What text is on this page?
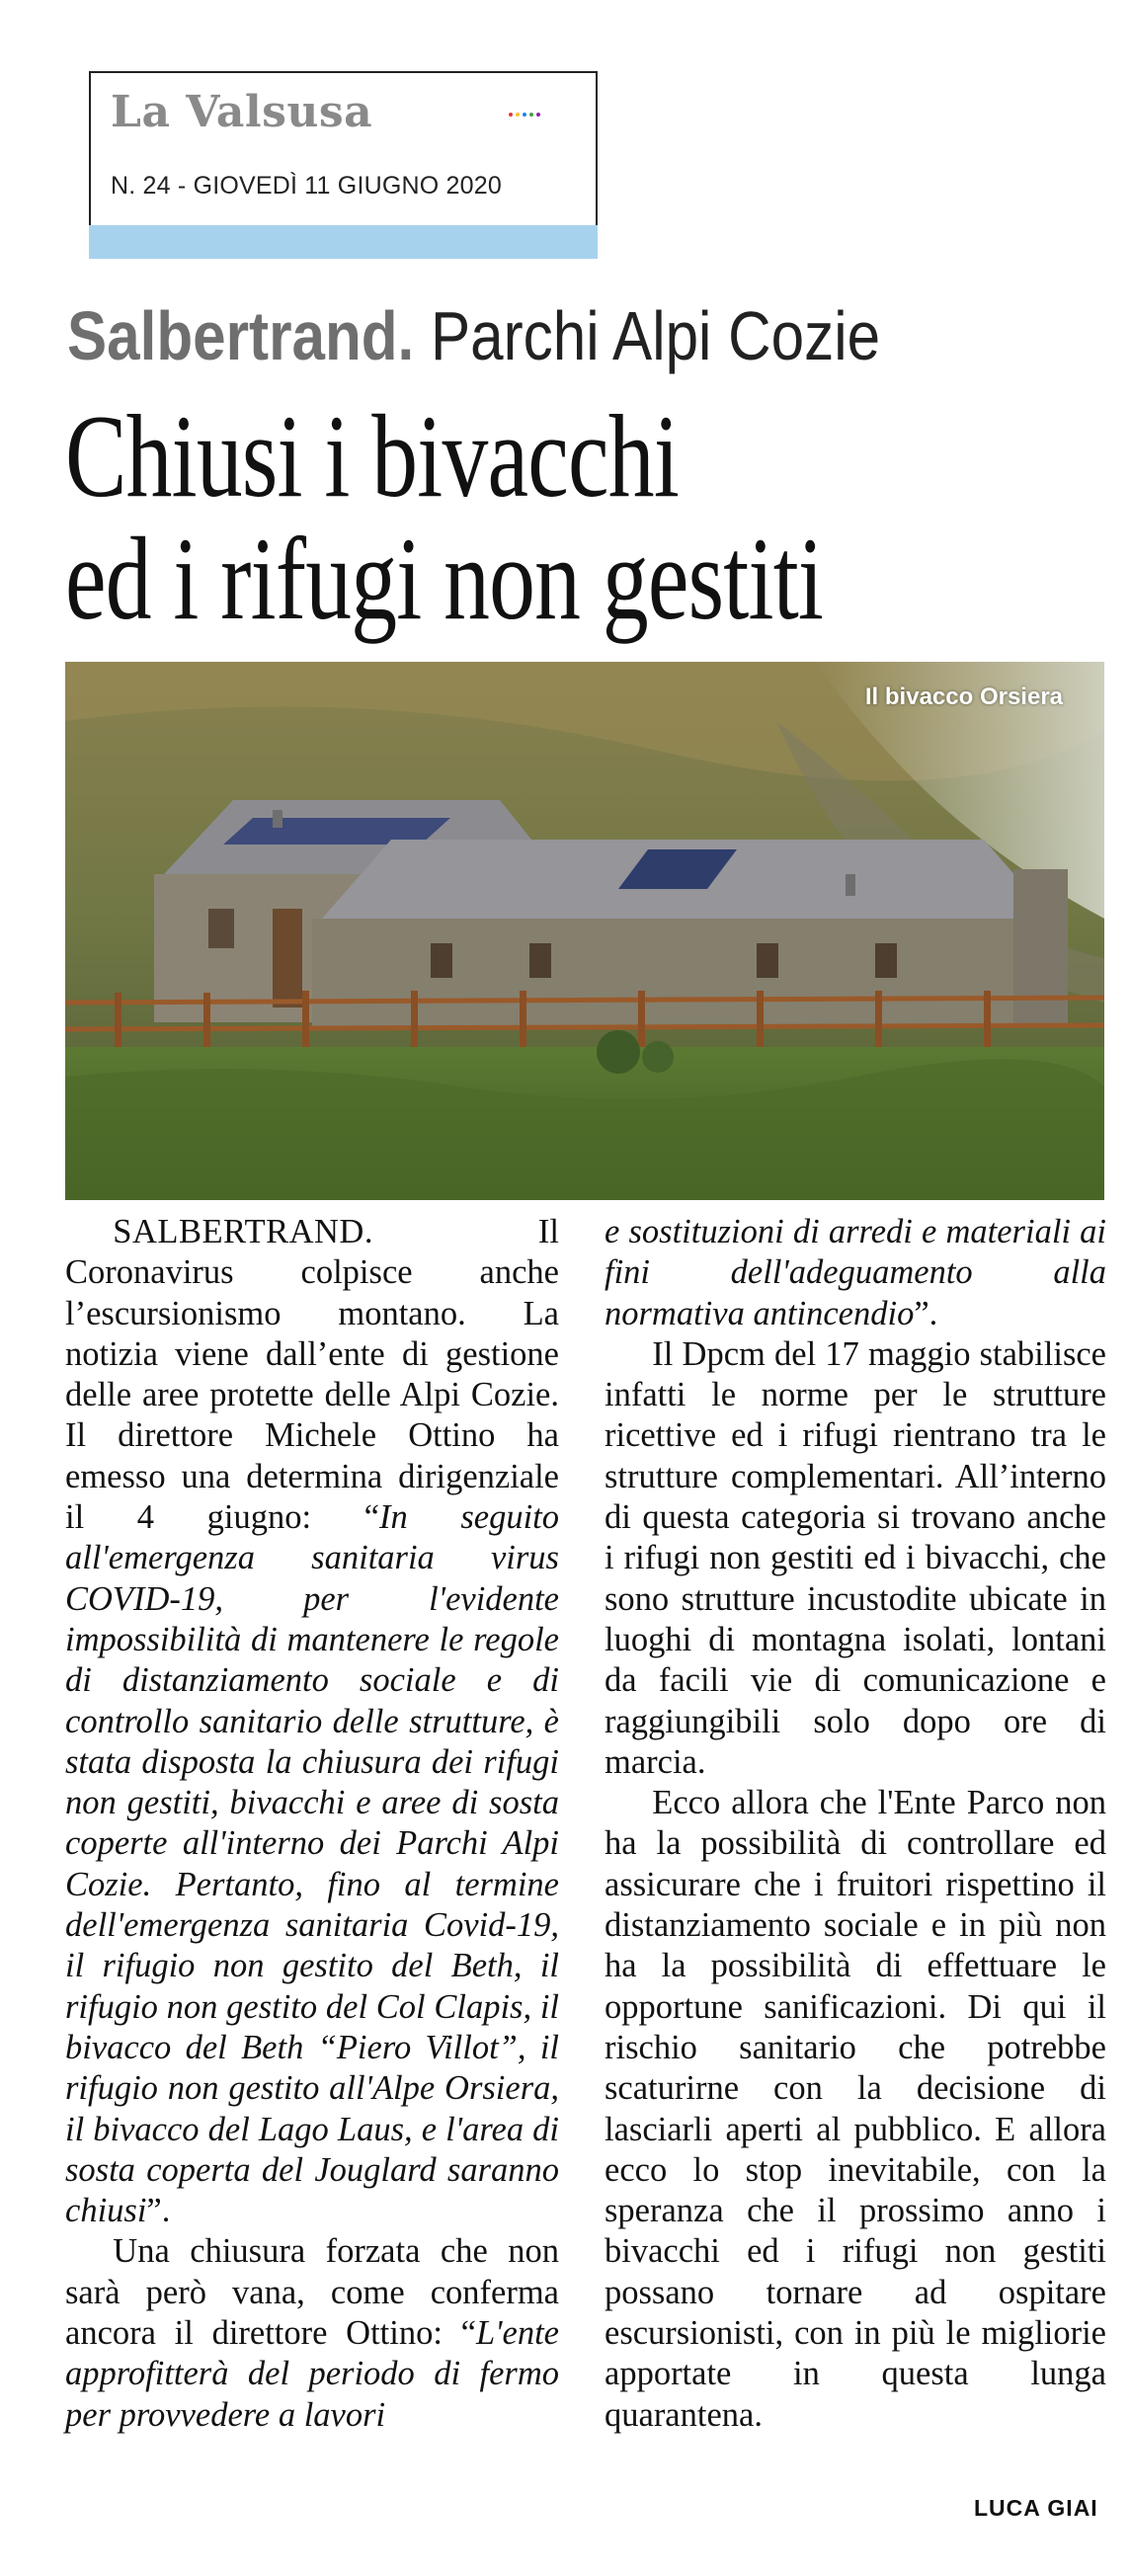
La Valsusa
N. 24 - GIOVEDÌ 11 GIUGNO 2020
Salbertrand. Parchi Alpi Cozie
Chiusi i bivacchi
ed i rifugi non gestiti
Il bivacco Orsiera

SALBERTRAND. Il Coronavirus colpisce anche l’escursionismo montano. La notizia viene dall’ente di gestione delle aree protette delle Alpi Cozie. Il direttore Michele Ottino ha emesso una determina dirigenziale il 4 giugno: “In seguito all'emergenza sanitaria virus COVID-19, per l'evidente impossibilità di mantenere le regole di distanziamento sociale e di controllo sanitario delle strutture, è stata disposta la chiusura dei rifugi non gestiti, bivacchi e aree di sosta coperte all'interno dei Parchi Alpi Cozie. Pertanto, fino al termine dell'emergenza sanitaria Covid-19, il rifugio non gestito del Beth, il rifugio non gestito del Col Clapis, il bivacco del Beth “Piero Villot”, il rifugio non gestito all'Alpe Orsiera, il bivacco del Lago Laus, e l'area di sosta coperta del Jouglard saranno chiusi”.

Una chiusura forzata che non sarà però vana, come conferma ancora il direttore Ottino: “L'ente approfitterà del periodo di fermo per provvedere a lavori

e sostituzioni di arredi e materiali ai fini dell'adeguamento alla normativa antincendio”.

Il Dpcm del 17 maggio stabilisce infatti le norme per le strutture ricettive ed i rifugi rientrano tra le strutture complementari. All’interno di questa categoria si trovano anche i rifugi non gestiti ed i bivacchi, che sono strutture incustodite ubicate in luoghi di montagna isolati, lontani da facili vie di comunicazione e raggiungibili solo dopo ore di marcia.

Ecco allora che l'Ente Parco non ha la possibilità di controllare ed assicurare che i fruitori rispettino il distanziamento sociale e in più non ha la possibilità di effettuare le opportune sanificazioni. Di qui il rischio sanitario che potrebbe scaturirne con la decisione di lasciarli aperti al pubblico. E allora ecco lo stop inevitabile, con la speranza che il prossimo anno i bivacchi ed i rifugi non gestiti possano tornare ad ospitare escursionisti, con in più le migliorie apportate in questa lunga quarantena.

LUCA GIAI
